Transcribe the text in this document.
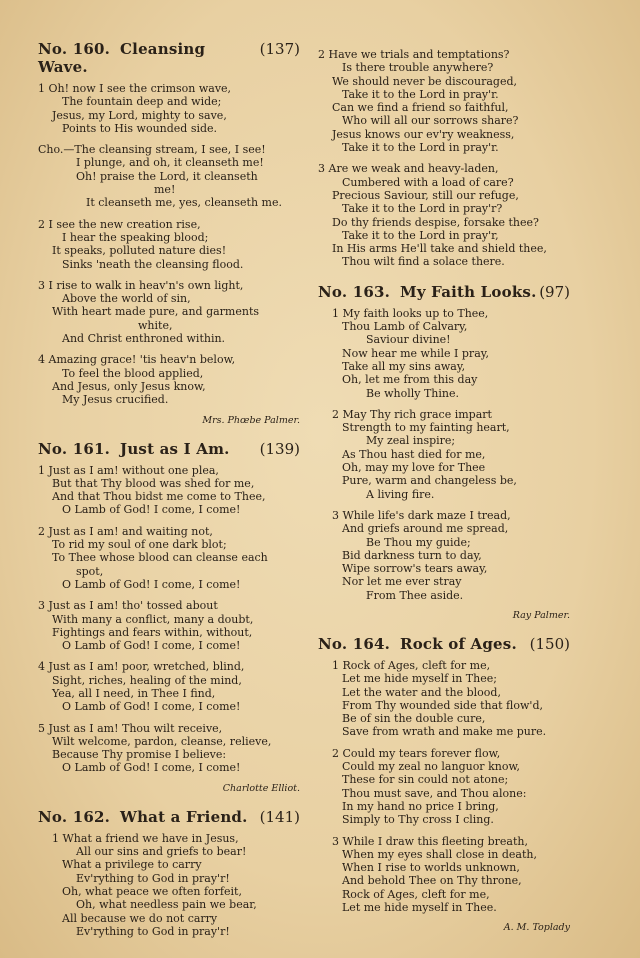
No. 160. Cleansing Wave.
(137)
1 Oh! now I see the crimson wave,
The fountain deep and wide;
Jesus, my Lord, mighty to save,
Points to His wounded side.
Cho.—The cleansing stream, I see, I see!
I plunge, and oh, it cleanseth me!
Oh! praise the Lord, it cleanseth
me!
It cleanseth me, yes, cleanseth me.
2 I see the new creation rise,
I hear the speaking blood;
It speaks, polluted nature dies!
Sinks 'neath the cleansing flood.
3 I rise to walk in heav'n's own light,
Above the world of sin,
With heart made pure, and garments
white,
And Christ enthroned within.
4 Amazing grace! 'tis heav'n below,
To feel the blood applied,
And Jesus, only Jesus know,
My Jesus crucified.
Mrs. Phœbe Palmer.
No. 161. Just as I Am. (139)
1 Just as I am! without one plea,
But that Thy blood was shed for me,
And that Thou bidst me come to Thee,
O Lamb of God! I come, I come!
2 Just as I am! and waiting not,
To rid my soul of one dark blot;
To Thee whose blood can cleanse each
spot,
O Lamb of God! I come, I come!
3 Just as I am! tho' tossed about
With many a conflict, many a doubt,
Fightings and fears within, without,
O Lamb of God! I come, I come!
4 Just as I am! poor, wretched, blind,
Sight, riches, healing of the mind,
Yea, all I need, in Thee I find,
O Lamb of God! I come, I come!
5 Just as I am! Thou wilt receive,
Wilt welcome, pardon, cleanse, relieve,
Because Thy promise I believe:
O Lamb of God! I come, I come!
Charlotte Elliot.
No. 162. What a Friend. (141)
1 What a friend we have in Jesus,
All our sins and griefs to bear!
What a privilege to carry
Ev'rything to God in pray'r!
Oh, what peace we often forfeit,
Oh, what needless pain we bear,
All because we do not carry
Ev'rything to God in pray'r!
2 Have we trials and temptations?
Is there trouble anywhere?
We should never be discouraged,
Take it to the Lord in pray'r.
Can we find a friend so faithful,
Who will all our sorrows share?
Jesus knows our ev'ry weakness,
Take it to the Lord in pray'r.
3 Are we weak and heavy-laden,
Cumbered with a load of care?
Precious Saviour, still our refuge,
Take it to the Lord in pray'r?
Do thy friends despise, forsake thee?
Take it to the Lord in pray'r,
In His arms He'll take and shield thee,
Thou wilt find a solace there.
No. 163. My Faith Looks. (97)
1 My faith looks up to Thee,
Thou Lamb of Calvary,
Saviour divine!
Now hear me while I pray,
Take all my sins away,
Oh, let me from this day
Be wholly Thine.
2 May Thy rich grace impart
Strength to my fainting heart,
My zeal inspire;
As Thou hast died for me,
Oh, may my love for Thee
Pure, warm and changeless be,
A living fire.
3 While life's dark maze I tread,
And griefs around me spread,
Be Thou my guide;
Bid darkness turn to day,
Wipe sorrow's tears away,
Nor let me ever stray
From Thee aside.
Ray Palmer.
No. 164. Rock of Ages. (150)
1 Rock of Ages, cleft for me,
Let me hide myself in Thee;
Let the water and the blood,
From Thy wounded side that flow'd,
Be of sin the double cure,
Save from wrath and make me pure.
2 Could my tears forever flow,
Could my zeal no languor know,
These for sin could not atone;
Thou must save, and Thou alone:
In my hand no price I bring,
Simply to Thy cross I cling.
3 While I draw this fleeting breath,
When my eyes shall close in death,
When I rise to worlds unknown,
And behold Thee on Thy throne,
Rock of Ages, cleft for me,
Let me hide myself in Thee.
A. M. Toplady
